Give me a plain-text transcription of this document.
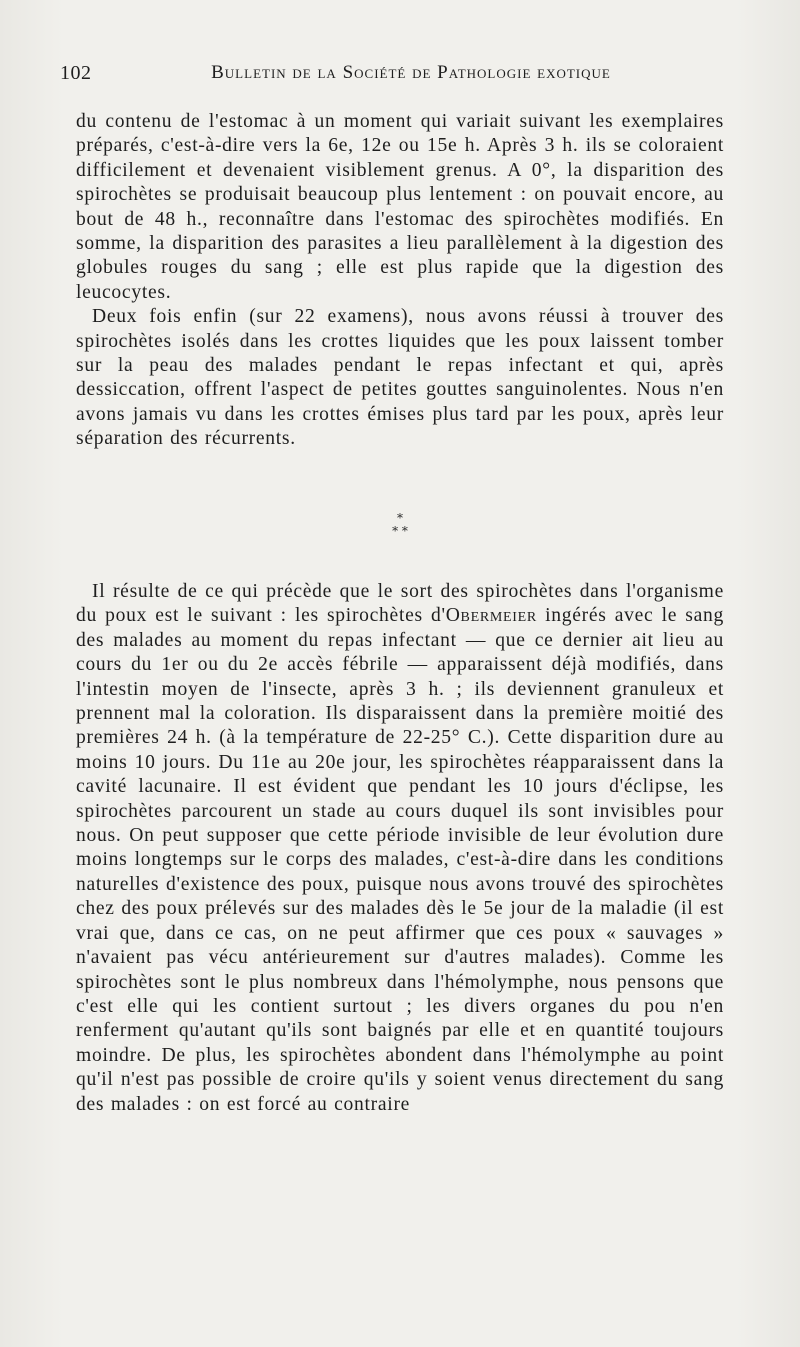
102	Bulletin de la Société de Pathologie exotique

du contenu de l'estomac à un moment qui variait suivant les exemplaires préparés, c'est-à-dire vers la 6e, 12e ou 15e h. Après 3 h. ils se coloraient difficilement et devenaient visiblement grenus. A 0°, la disparition des spirochètes se produisait beaucoup plus lentement : on pouvait encore, au bout de 48 h., reconnaître dans l'estomac des spirochètes modifiés. En somme, la disparition des parasites a lieu parallèlement à la digestion des globules rouges du sang ; elle est plus rapide que la digestion des leucocytes.

Deux fois enfin (sur 22 examens), nous avons réussi à trouver des spirochètes isolés dans les crottes liquides que les poux laissent tomber sur la peau des malades pendant le repas infectant et qui, après dessiccation, offrent l'aspect de petites gouttes sanguinolentes. Nous n'en avons jamais vu dans les crottes émises plus tard par les poux, après leur séparation des récurrents.

*
* *

Il résulte de ce qui précède que le sort des spirochètes dans l'organisme du poux est le suivant : les spirochètes d'Obermeier ingérés avec le sang des malades au moment du repas infectant — que ce dernier ait lieu au cours du 1er ou du 2e accès fébrile — apparaissent déjà modifiés, dans l'intestin moyen de l'insecte, après 3 h. ; ils deviennent granuleux et prennent mal la coloration. Ils disparaissent dans la première moitié des premières 24 h. (à la température de 22-25° C.). Cette disparition dure au moins 10 jours. Du 11e au 20e jour, les spirochètes réapparaissent dans la cavité lacunaire. Il est évident que pendant les 10 jours d'éclipse, les spirochètes parcourent un stade au cours duquel ils sont invisibles pour nous. On peut supposer que cette période invisible de leur évolution dure moins longtemps sur le corps des malades, c'est-à-dire dans les conditions naturelles d'existence des poux, puisque nous avons trouvé des spirochètes chez des poux prélevés sur des malades dès le 5e jour de la maladie (il est vrai que, dans ce cas, on ne peut affirmer que ces poux « sauvages » n'avaient pas vécu antérieurement sur d'autres malades). Comme les spirochètes sont le plus nombreux dans l'hémolymphe, nous pensons que c'est elle qui les contient surtout ; les divers organes du pou n'en renferment qu'autant qu'ils sont baignés par elle et en quantité toujours moindre. De plus, les spirochètes abondent dans l'hémolymphe au point qu'il n'est pas possible de croire qu'ils y soient venus directement du sang des malades : on est forcé au contraire
